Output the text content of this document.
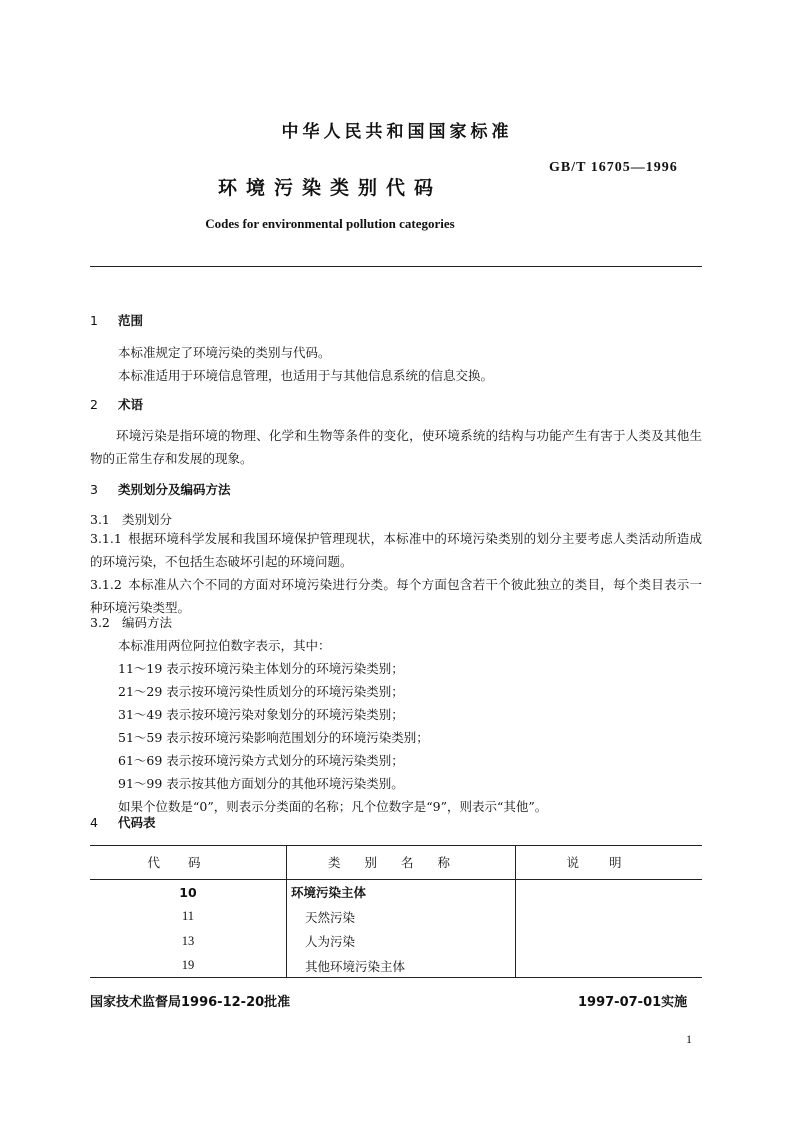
中华人民共和国国家标准
GB/T 16705—1996
环境污染类别代码
Codes for environmental pollution categories
1 范围
本标准规定了环境污染的类别与代码。
本标准适用于环境信息管理，也适用于与其他信息系统的信息交换。
2 术语
环境污染是指环境的物理、化学和生物等条件的变化，使环境系统的结构与功能产生有害于人类及其他生物的正常生存和发展的现象。
3 类别划分及编码方法
3.1 类别划分
3.1.1 根据环境科学发展和我国环境保护管理现状，本标准中的环境污染类别的划分主要考虑人类活动所造成的环境污染，不包括生态破坏引起的环境问题。
3.1.2 本标准从六个不同的方面对环境污染进行分类。每个方面包含若干个彼此独立的类目，每个类目表示一种环境污染类型。
3.2 编码方法
本标准用两位阿拉伯数字表示，其中：
11～19 表示按环境污染主体划分的环境污染类别；
21～29 表示按环境污染性质划分的环境污染类别；
31～49 表示按环境污染对象划分的环境污染类别；
51～59 表示按环境污染影响范围划分的环境污染类别；
61～69 表示按环境污染方式划分的环境污染类别；
91～99 表示按其他方面划分的其他环境污染类别。
如果个位数是“0”，则表示分类面的名称；凡个位数字是“9”，则表示“其他”。
4 代码表
代码	类别名称	说明
10	环境污染主体	
11	天然污染	
13	人为污染	
19	其他环境污染主体	
国家技术监督局1996-12-20批准	1997-07-01实施
1
